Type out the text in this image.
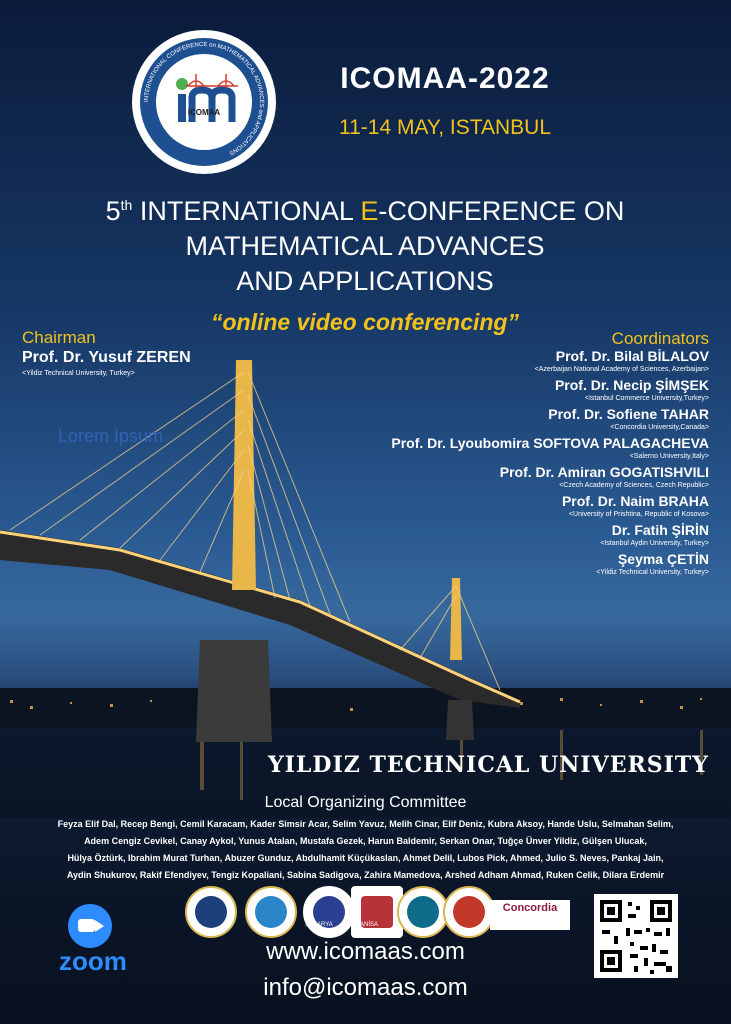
INTERNATIONAL CONFERENCE on MATHEMATICAL ADVANCES and APPLICATIONS
ICOMAA
ICOMAA-2022
11-14 MAY, ISTANBUL
5th INTERNATIONAL E-CONFERENCE ON
MATHEMATICAL ADVANCES
AND APPLICATIONS
“online video conferencing”
Chairman
Prof. Dr. Yusuf ZEREN
<Yildiz Technical University, Turkey>
Lorem Ipsum
Coordinators
Prof. Dr. Bilal BİLALOV
<Azerbaijan National Academy of Sciences, Azerbaijan>
Prof. Dr. Necip ŞİMŞEK
<Istanbul Commerce University,Turkey>
Prof. Dr. Sofiene TAHAR
<Concordia University,Canada>
Prof. Dr. Lyoubomira SOFTOVA PALAGACHEVA
<Salerno University,Italy>
Prof. Dr. Amiran GOGATISHVILI
<Czech Academy of Sciences, Czech Republic>
Prof. Dr. Naim BRAHA
<University of Prishtina, Republic of Kosova>
Dr. Fatih ŞİRİN
<Istanbul Aydin University, Turkey>
Şeyma ÇETİN
<Yildiz Technical University, Turkey>
YILDIZ TECHNICAL UNIVERSITY
Local Organizing Committee
Feyza Elif Dal, Recep Bengi, Cemil Karacam, Kader Simsir Acar, Selim Yavuz, Melih Cinar, Elif Deniz, Kubra Aksoy, Hande Uslu, Selmahan Selim,
Adem Cengiz Cevikel, Canay Aykol, Yunus Atalan, Mustafa Gezek, Harun Baldemir, Serkan Onar, Tuğçe Ünver Yildiz, Gülşen Ulucak,
Hülya Öztürk, Ibrahim Murat Turhan, Abuzer Gunduz, Abdulhamit Küçükaslan, Ahmet Delil, Lubos Pick, Ahmed, Julio S. Neves, Pankaj Jain,
Aydin Shukurov, Rakif Efendiyev, Tengiz Kopaliani, Sabina Sadigova, Zahira Mamedova, Arshed Adham Ahmad, Ruken Celik, Dilara Erdemir
zoom
SAKARYA	MANİSA
Concordia
www.icomaas.com
info@icomaas.com
